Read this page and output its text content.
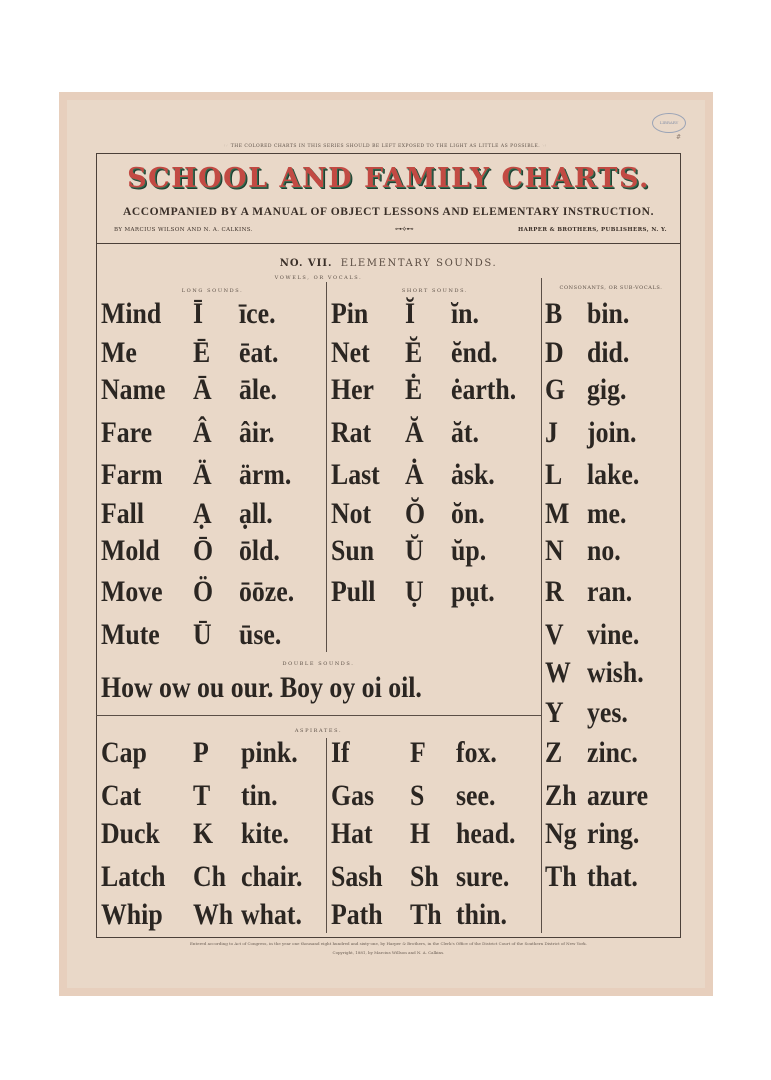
LIBRARY
#
☞ THE COLORED CHARTS IN THIS SERIES SHOULD BE LEFT EXPOSED TO THE LIGHT AS LITTLE AS POSSIBLE. ☜
SCHOOL AND FAMILY CHARTS.
ACCOMPANIED BY A MANUAL OF OBJECT LESSONS AND ELEMENTARY INSTRUCTION.
BY MARCIUS WILSON AND N. A. CALKINS.	⊶⟡⊷	HARPER & BROTHERS, PUBLISHERS, N. Y.
NO. VII. ELEMENTARY SOUNDS.
VOWELS, OR VOCALS.
LONG SOUNDS.	SHORT SOUNDS.	CONSONANTS, OR SUB-VOCALS.
DOUBLE SOUNDS.
ASPIRATES.
Mind Ī īce.
Me Ē ēat.
Name Ā āle.
Fare Â âir.
Farm Ä ärm.
Fall Ạ ạll.
Mold Ō ōld.
Move Ö ōōze.
Mute Ū ūse.
Pin Ĭ ĭn.
Net Ĕ ĕnd.
Her Ė ėarth.
Rat Ă ăt.
Last Ȧ ȧsk.
Not Ŏ ŏn.
Sun Ŭ ŭp.
Pull Ụ pụt.
How ow ou our. Boy oy oi oil.
B bin.
D did.
G gig.
J join.
L lake.
M me.
N no.
R ran.
V vine.
W wish.
Y yes.
Z zinc.
Zh azure
Ng ring.
Th that.
Cap P pink.
Cat T tin.
Duck K kite.
Latch Ch chair.
Whip Wh what.
If F fox.
Gas S see.
Hat H head.
Sash Sh sure.
Path Th thin.
Entered according to Act of Congress, in the year one thousand eight hundred and sixty-one, by Harper & Brothers, in the Clerk's Office of the District Court of the Southern District of New York.
Copyright, 1881, by Marcius Willson and N. A. Calkins.
